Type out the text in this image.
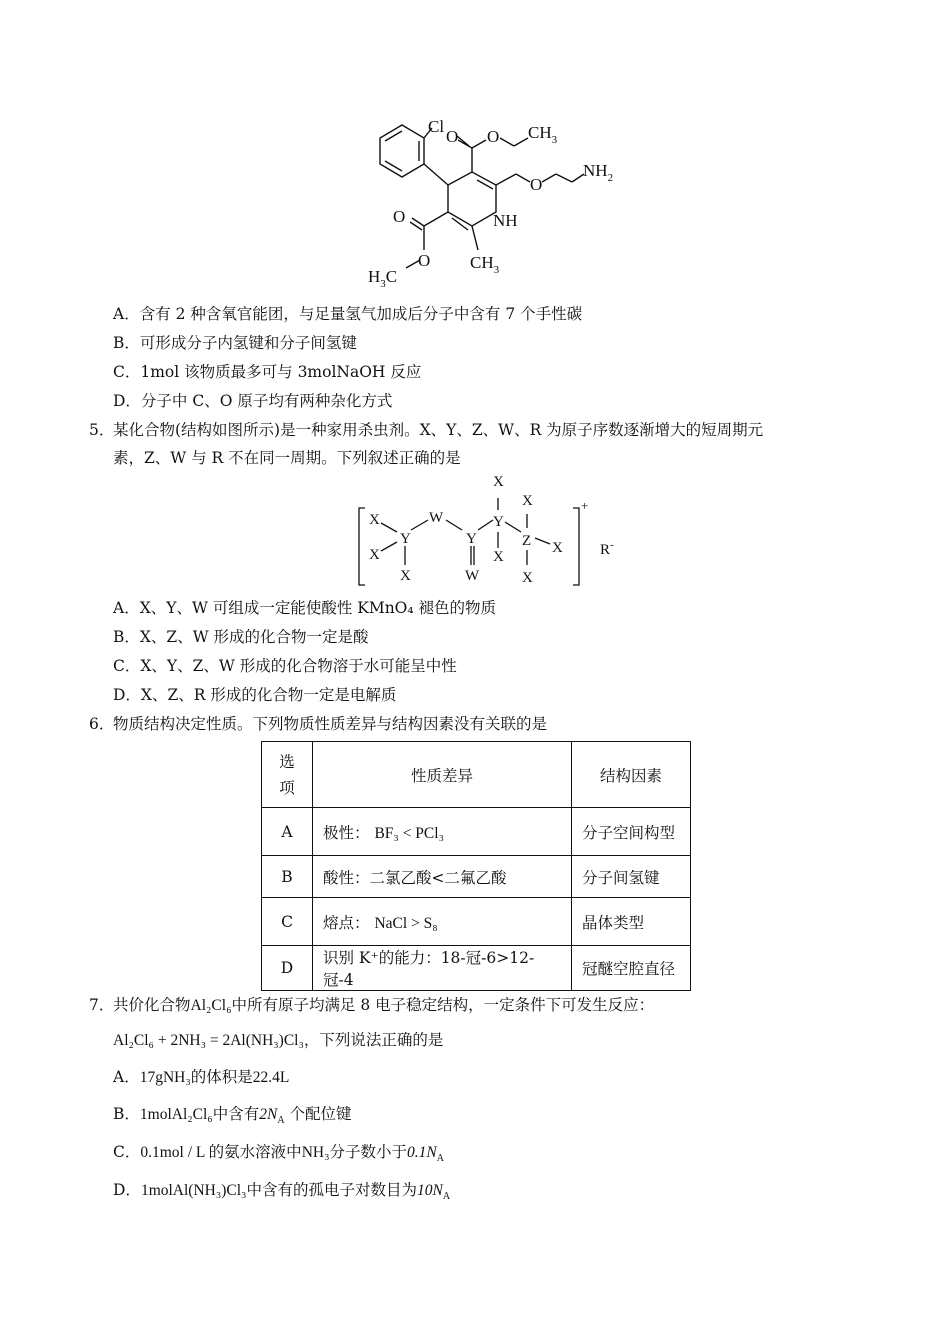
Cl
O O $CH_3$
O
$NH_2$
O	NH
O $CH_3$
$H_3C$
A．含有 2 种含氧官能团，与足量氢气加成后分子中含有 7 个手性碳
B．可形成分子内氢键和分子间氢键
C．1mol 该物质最多可与 3molNaOH 反应
D．分子中 C、O 原子均有两种杂化方式
5．
某化合物(结构如图所示)是一种家用杀虫剂。X、Y、Z、W、R 为原子序数逐渐增大的短周期元
素，Z、W 与 R 不在同一周期。下列叙述正确的是
X
X
Y
X
W
Y
W
X
Y
X
X
Z X
X
+
R-
A．X、Y、W 可组成一定能使酸性 KMnO₄ 褪色的物质
B．X、Z、W 形成的化合物一定是酸
C．X、Y、Z、W 形成的化合物溶于水可能呈中性
D．X、Z、R 形成的化合物一定是电解质
6．
物质结构决定性质。下列物质性质差异与结构因素没有关联的是
选
项	性质差异	结构因素
A	极性： BF₃ < PCl₃	分子空间构型
B	酸性：二氯乙酸<二氟乙酸	分子间氢键
C	熔点： NaCl > S₈	晶体类型
D	识别 K⁺的能力：18-冠-6>12-冠-4	冠醚空腔直径
7．
共价化合物Al₂Cl₆中所有原子均满足 8 电子稳定结构，一定条件下可发生反应：
Al₂Cl₆ + 2NH₃ = 2Al(NH₃)Cl₃，下列说法正确的是
A．17gNH₃的体积是22.4L
B．1molAl₂Cl₆中含有$2N_A$ 个配位键
C．0.1mol / L 的氨水溶液中NH₃分子数小于$0.1N_A$
D．1molAl(NH₃)Cl₃中含有的孤电子对数目为$10N_A$
